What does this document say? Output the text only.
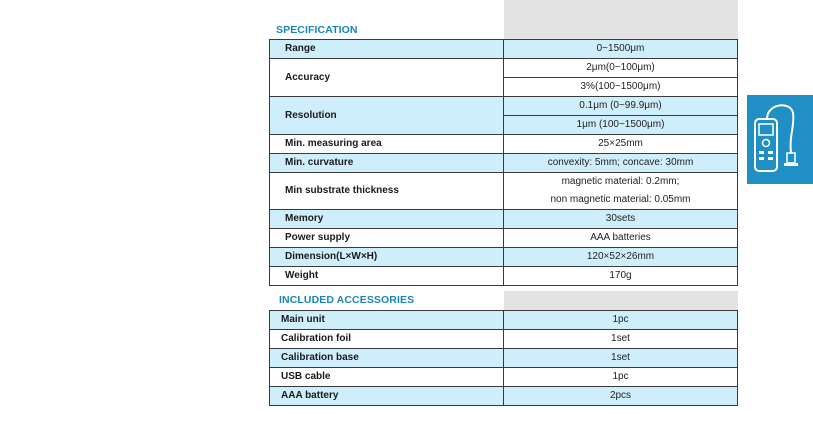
SPECIFICATION
Range	0~1500μm
Accuracy	2μm(0~100μm)
	3%(100~1500μm)
Resolution	0.1μm (0~99.9μm)
	1μm (100~1500μm)
Min. measuring area	25×25mm
Min. curvature	convexity: 5mm; concave: 30mm
Min substrate thickness	magnetic material: 0.2mm;
	non magnetic material: 0.05mm
Memory	30sets
Power supply	AAA batteries
Dimension(L×W×H)	120×52×26mm
Weight	170g
INCLUDED ACCESSORIES
Main unit	1pc
Calibration foil	1set
Calibration base	1set
USB cable	1pc
AAA battery	2pcs
